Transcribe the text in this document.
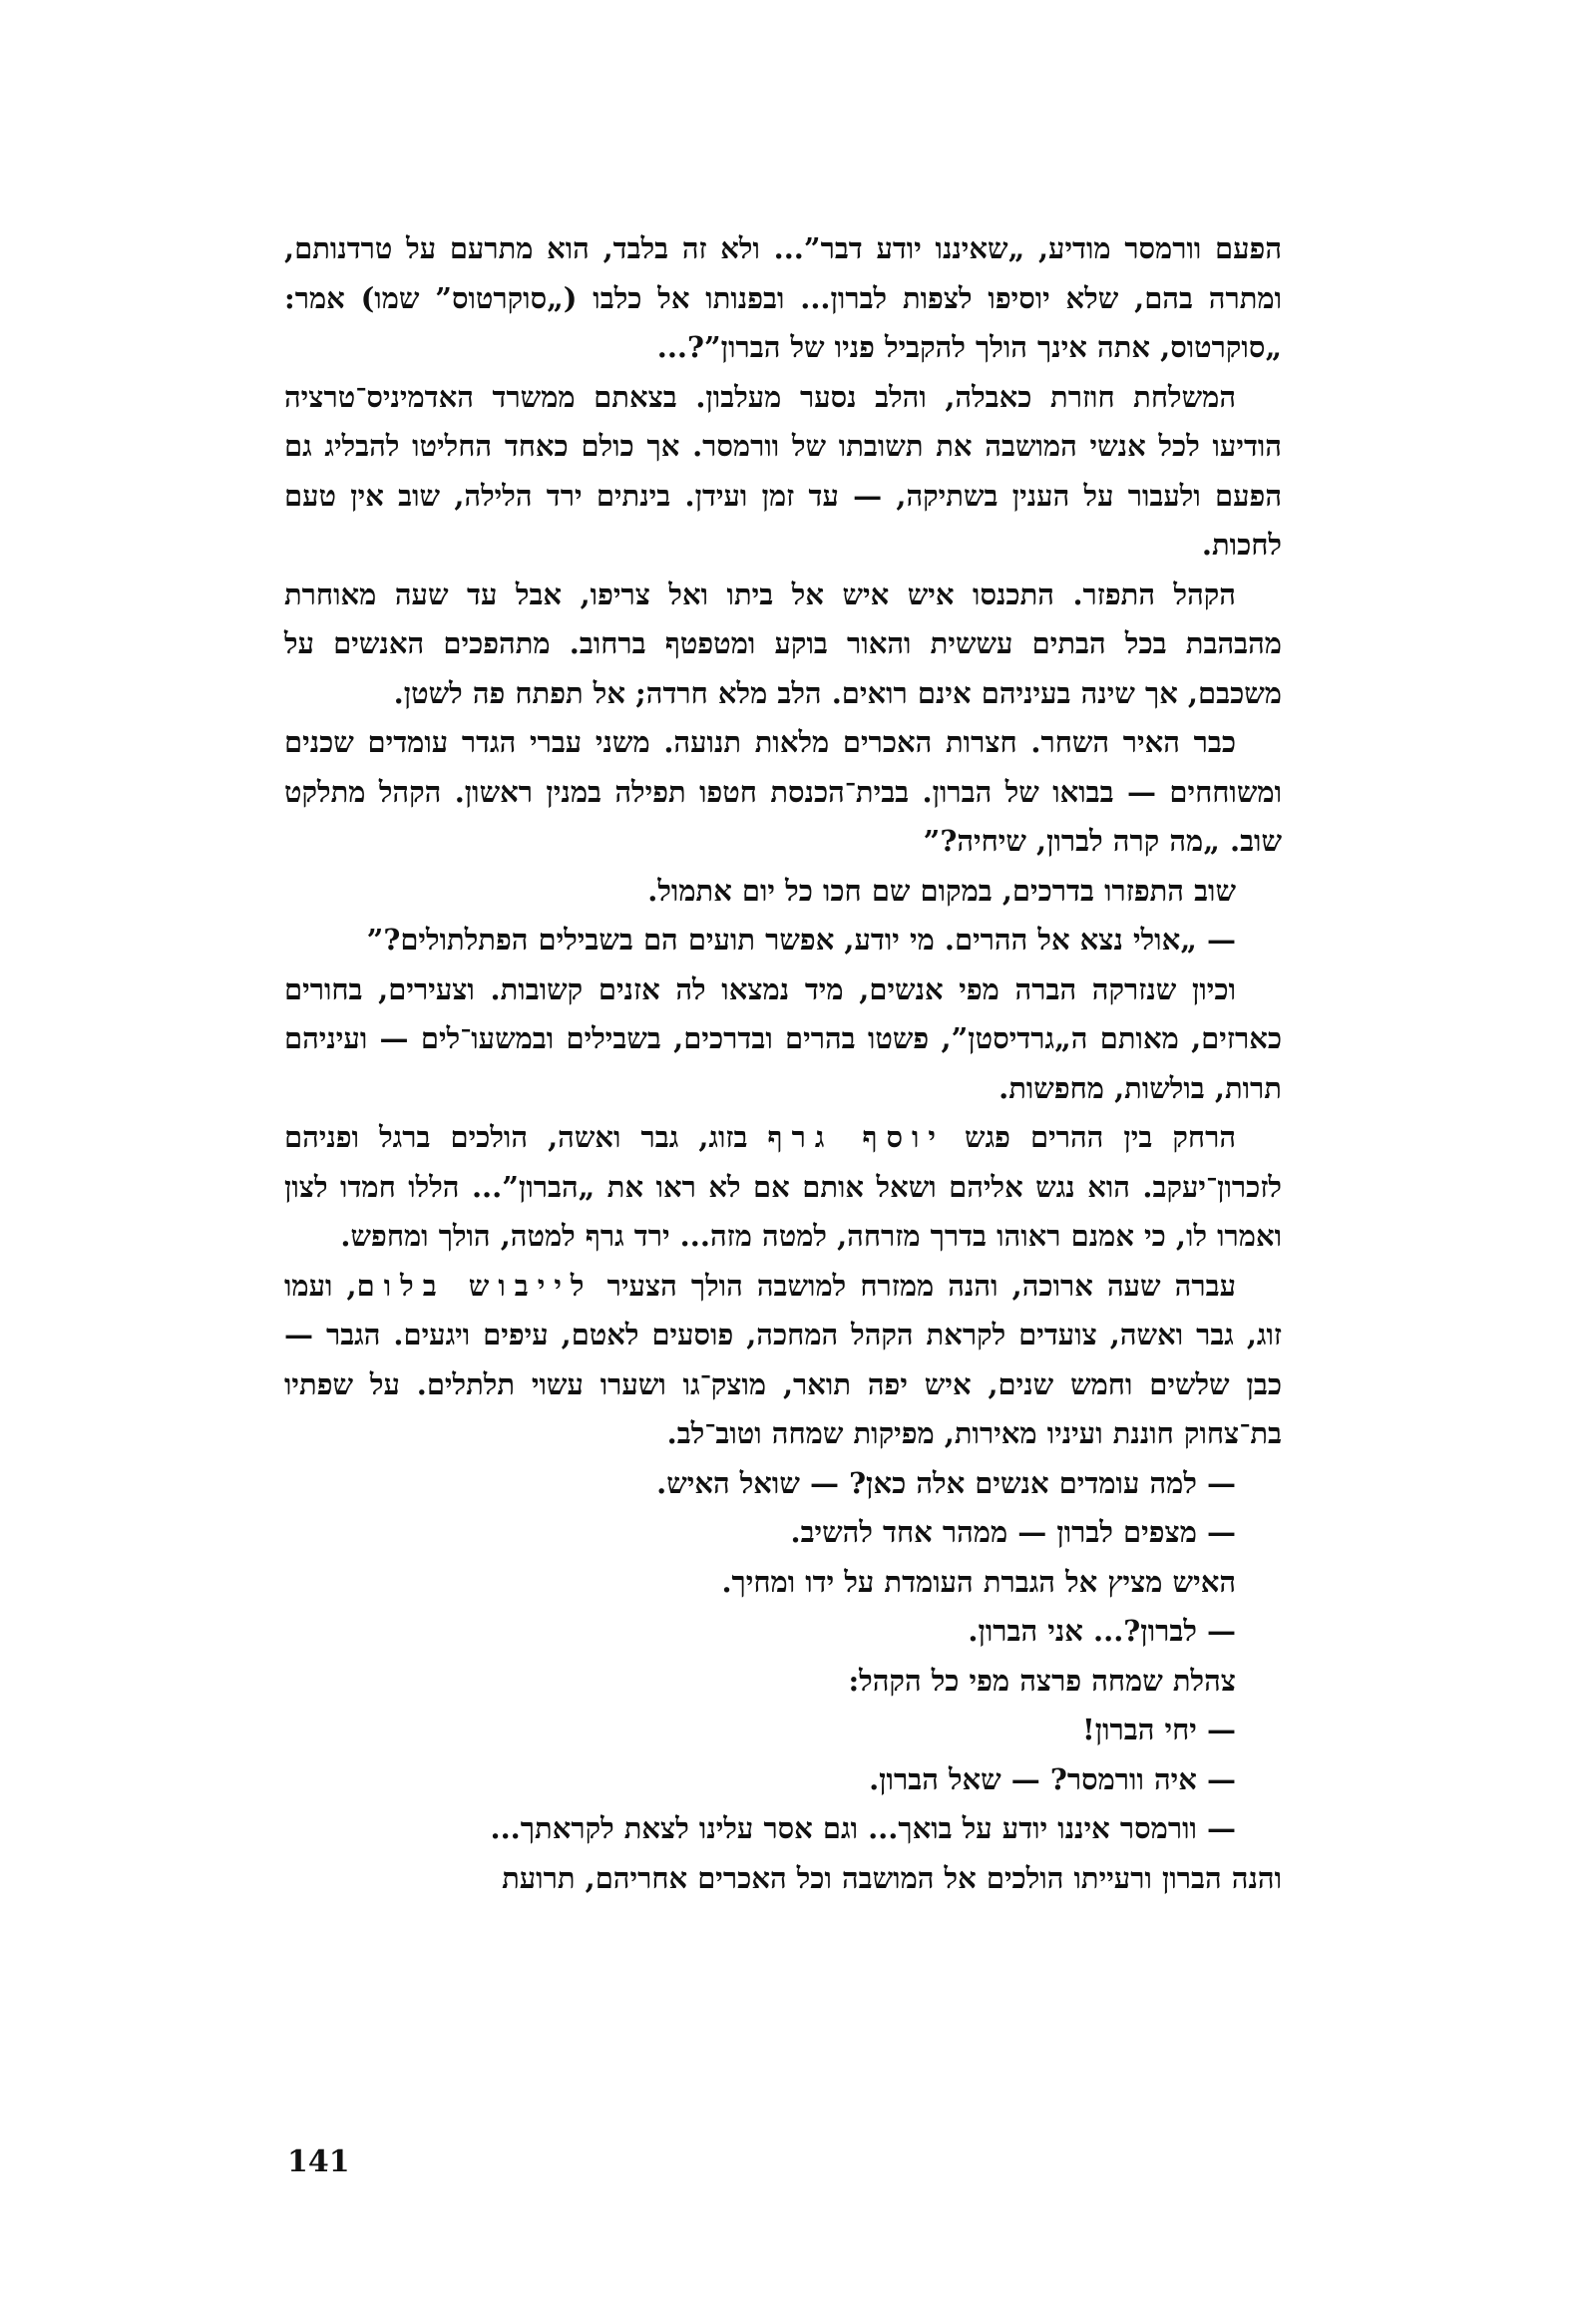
הפעם וורמסר מודיע, „שאיננו יודע דבר”... ולא זה בלבד, הוא מתרעם על טרדנותם, ומתרה בהם, שלא יוסיפו לצפות לברון... ובפנותו אל כלבו („סוקרטוס” שמו) אמר: „סוקרטוס, אתה אינך הולך להקביל פניו של הברון”?...

המשלחת חוזרת כאבלה, והלב נסער מעלבון. בצאתם ממשרד האדמיניס־טרציה הודיעו לכל אנשי המושבה את תשובתו של וורמסר. אך כולם כאחד החליטו להבליג גם הפעם ולעבור על הענין בשתיקה, — עד זמן ועידן. בינתים ירד הלילה, שוב אין טעם לחכות.

הקהל התפזר. התכנסו איש איש אל ביתו ואל צריפו, אבל עד שעה מאוחרת מהבהבת בכל הבתים עששית והאור בוקע ומטפטף ברחוב. מתהפכים האנשים על משכבם, אך שינה בעיניהם אינם רואים. הלב מלא חרדה; אל תפתח פה לשטן.

כבר האיר השחר. חצרות האכרים מלאות תנועה. משני עברי הגדר עומדים שכנים ומשוחחים — בבואו של הברון. בבית־הכנסת חטפו תפילה במנין ראשון. הקהל מתלקט שוב. „מה קרה לברון, שיחיה?”

שוב התפזרו בדרכים, במקום שם חכו כל יום אתמול.

— „אולי נצא אל ההרים. מי יודע, אפשר תועים הם בשבילים הפתלתולים?”

וכיון שנזרקה הברה מפי אנשים, מיד נמצאו לה אזנים קשובות. וצעירים, בחורים כארזים, מאותם ה„גרדיסטן”, פשטו בהרים ובדרכים, בשבילים ובמשעו־לים — ועיניהם תרות, בולשות, מחפשות.

הרחק בין ההרים פגש יוסף גרף בזוג, גבר ואשה, הולכים ברגל ופניהם לזכרון־יעקב. הוא נגש אליהם ושאל אותם אם לא ראו את „הברון”... הללו חמדו לצון ואמרו לו, כי אמנם ראוהו בדרך מזרחה, למטה מזה... ירד גרף למטה, הולך ומחפש.

עברה שעה ארוכה, והנה ממזרח למושבה הולך הצעיר לייבוש בלום, ועמו זוג, גבר ואשה, צועדים לקראת הקהל המחכה, פוסעים לאטם, עיפים ויגעים. הגבר — כבן שלשים וחמש שנים, איש יפה תואר, מוצק־גו ושערו עשוי תלתלים. על שפתיו בת־צחוק חוננת ועיניו מאירות, מפיקות שמחה וטוב־לב.

— למה עומדים אנשים אלה כאן? — שואל האיש.

— מצפים לברון — ממהר אחד להשיב.

האיש מציץ אל הגברת העומדת על ידו ומחיך.

— לברון?... אני הברון.

צהלת שמחה פרצה מפי כל הקהל:

— יחי הברון!

— איה וורמסר? — שאל הברון.

— וורמסר איננו יודע על בואך... וגם אסר עלינו לצאת לקראתך...

והנה הברון ורעייתו הולכים אל המושבה וכל האכרים אחריהם, תרועת

141
